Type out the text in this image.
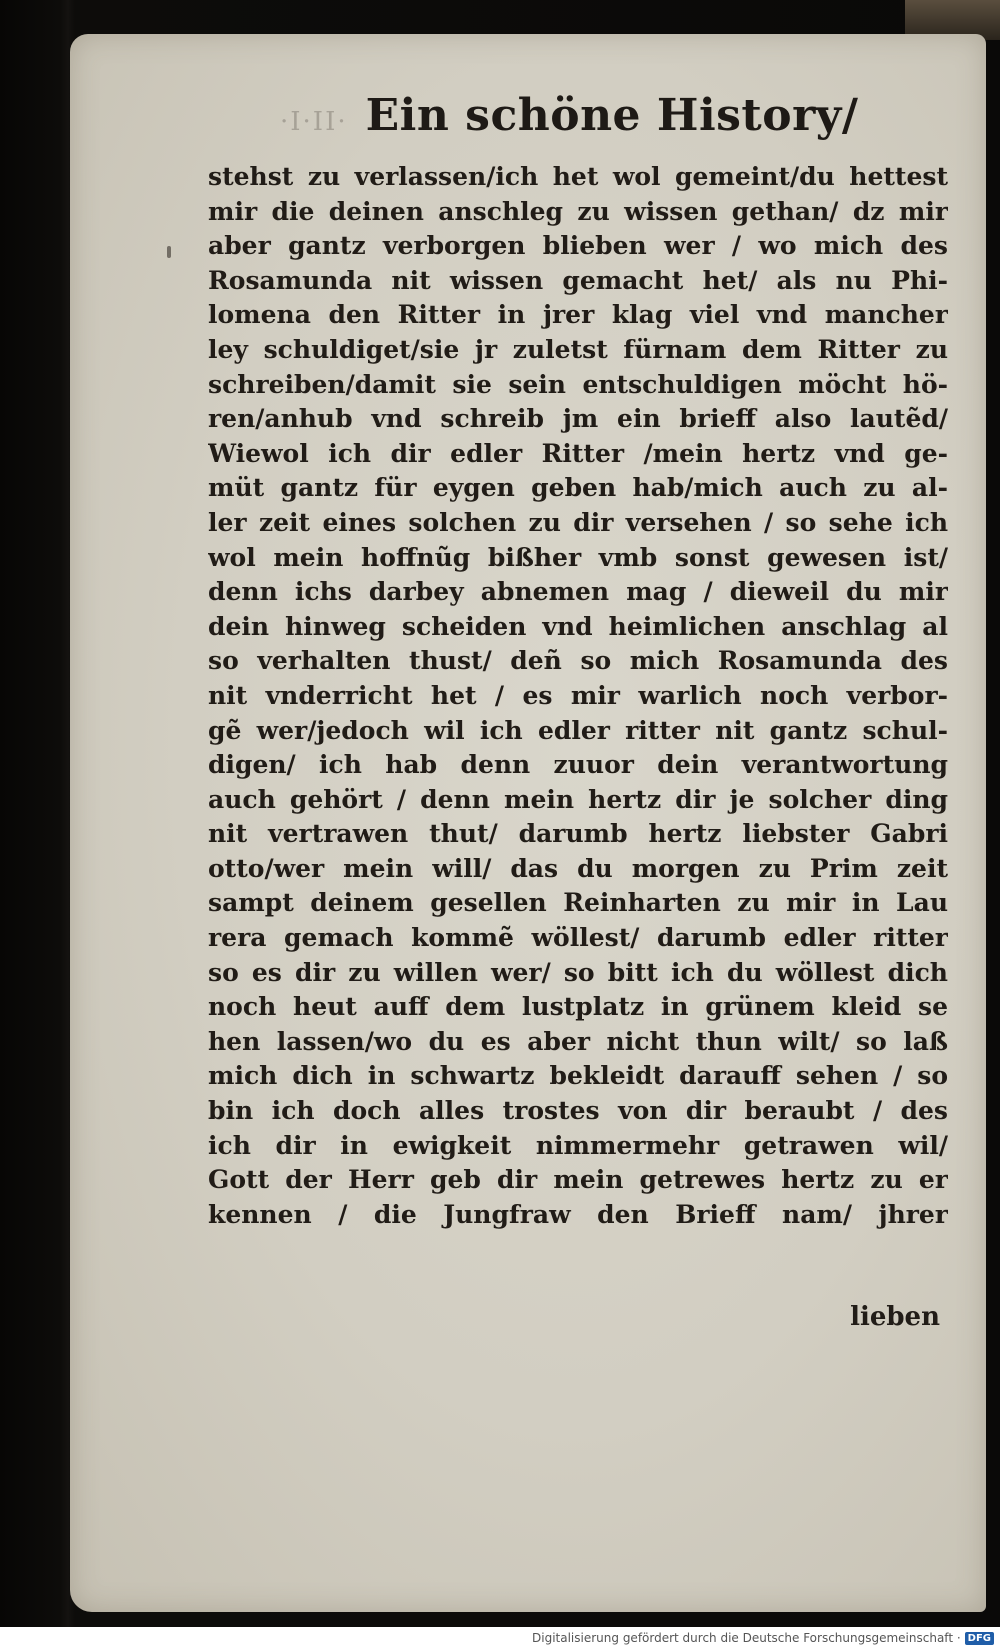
·I·II· Ein schöne History/
stehst zu verlassen/ich het wol gemeint/du hettest
mir die deinen anschleg zu wissen gethan/ dz mir
aber gantz verborgen blieben wer / wo mich des
Rosamunda nit wissen gemacht het/ als nu Phi-
lomena den Ritter in jrer klag viel vnd mancher
ley schuldiget/sie jr zuletst fürnam dem Ritter zu
schreiben/damit sie sein entschuldigen möcht hö-
ren/anhub vnd schreib jm ein brieff also lautẽd/
Wiewol ich dir edler Ritter /mein hertz vnd ge-
müt gantz für eygen geben hab/mich auch zu al-
ler zeit eines solchen zu dir versehen / so sehe ich
wol mein hoffnũg bißher vmb sonst gewesen ist/
denn ichs darbey abnemen mag / dieweil du mir
dein hinweg scheiden vnd heimlichen anschlag al
so verhalten thust/ deñ so mich Rosamunda des
nit vnderricht het / es mir warlich noch verbor-
gẽ wer/jedoch wil ich edler ritter nit gantz schul-
digen/ ich hab denn zuuor dein verantwortung
auch gehört / denn mein hertz dir je solcher ding
nit vertrawen thut/ darumb hertz liebster Gabri
otto/wer mein will/ das du morgen zu Prim zeit
sampt deinem gesellen Reinharten zu mir in Lau
rera gemach kommẽ wöllest/ darumb edler ritter
so es dir zu willen wer/ so bitt ich du wöllest dich
noch heut auff dem lustplatz in grünem kleid se
hen lassen/wo du es aber nicht thun wilt/ so laß
mich dich in schwartz bekleidt darauff sehen / so
bin ich doch alles trostes von dir beraubt / des
ich dir in ewigkeit nimmermehr getrawen wil/
Gott der Herr geb dir mein getrewes hertz zu er
kennen / die Jungfraw den Brieff nam/ jhrer
lieben
Digitalisierung gefördert durch die Deutsche Forschungsgemeinschaft · DFG
